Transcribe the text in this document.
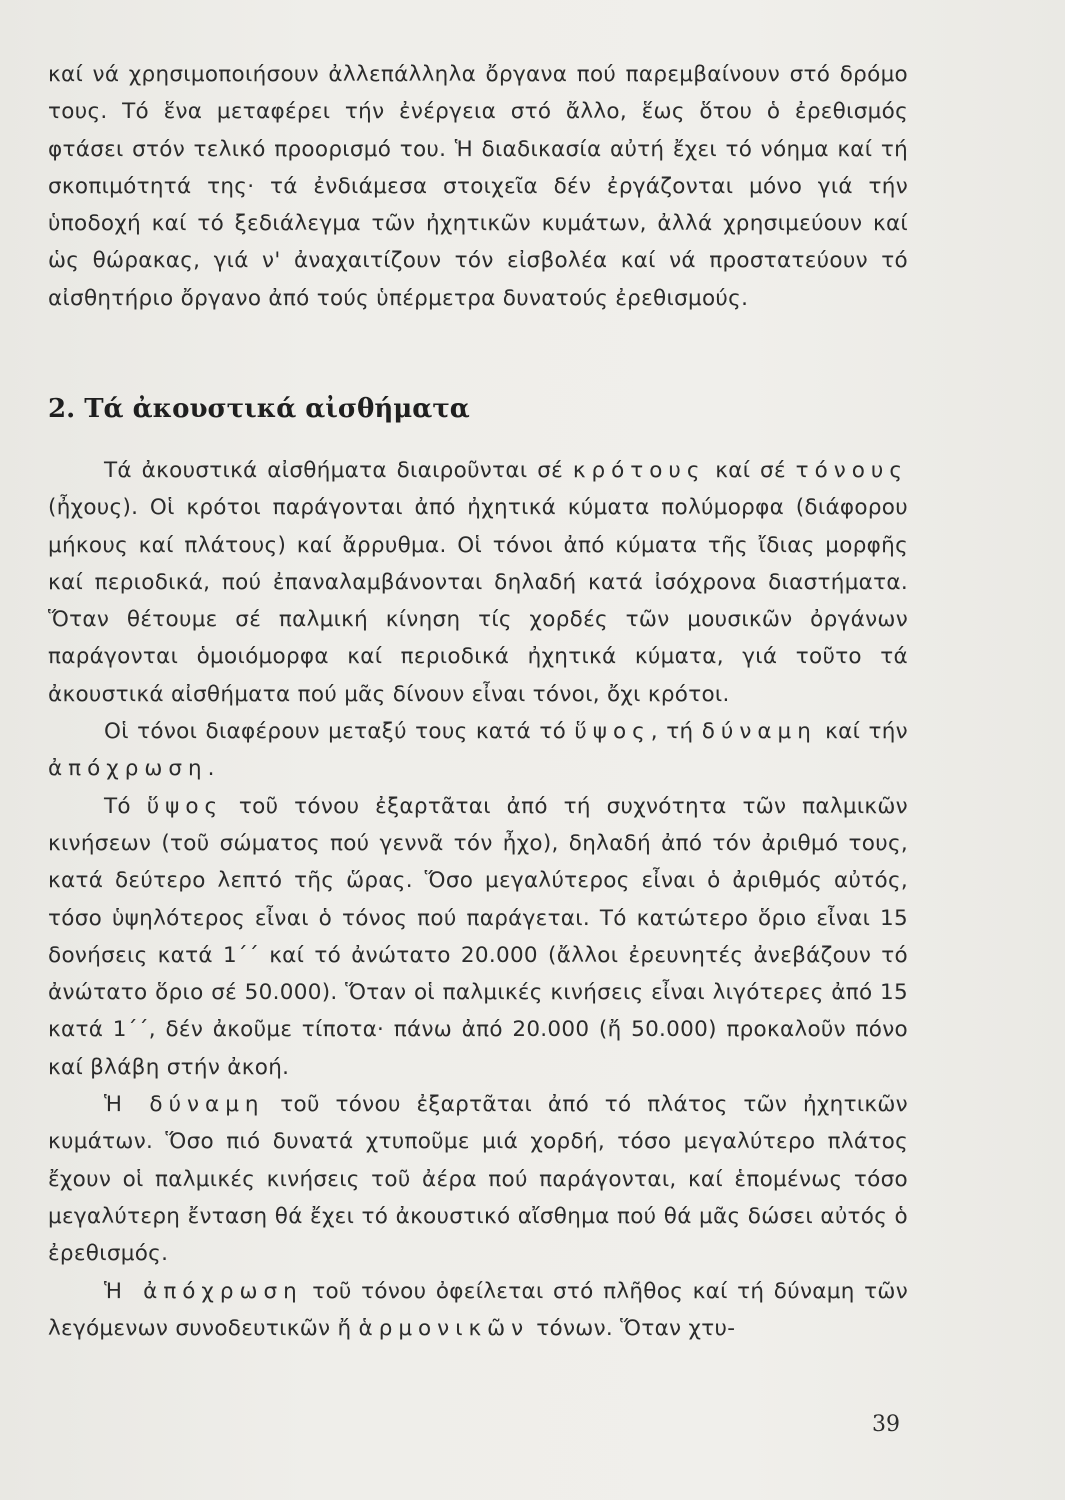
καί νά χρησιμοποιήσουν ἀλλεπάλληλα ὄργανα πού παρεμβαίνουν στό δρόμο τους. Τό ἕνα μεταφέρει τήν ἐνέργεια στό ἄλλο, ἕως ὅτου ὁ ἐρεθισμός φτάσει στόν τελικό προορισμό του. Ἡ διαδικασία αὐτή ἔχει τό νόημα καί τή σκοπιμότητά της· τά ἐνδιάμεσα στοιχεῖα δέν ἐργάζονται μόνο γιά τήν ὑποδοχή καί τό ξεδιάλεγμα τῶν ἠχητικῶν κυμάτων, ἀλλά χρησιμεύουν καί ὡς θώρακας, γιά ν' ἀναχαιτίζουν τόν εἰσβολέα καί νά προστατεύουν τό αἰσθητήριο ὄργανο ἀπό τούς ὑπέρμετρα δυνατούς ἐρεθισμούς.

2. Τά ἀκουστικά αἰσθήματα

Τά ἀκουστικά αἰσθήματα διαιροῦνται σέ κρότους καί σέ τόνους (ἦχους). Οἱ κρότοι παράγονται ἀπό ἠχητικά κύματα πολύμορφα (διάφορου μήκους καί πλάτους) καί ἄρρυθμα. Οἱ τόνοι ἀπό κύματα τῆς ἴδιας μορφῆς καί περιοδικά, πού ἐπαναλαμβάνονται δηλαδή κατά ἰσόχρονα διαστήματα. Ὅταν θέτουμε σέ παλμική κίνηση τίς χορδές τῶν μουσικῶν ὀργάνων παράγονται ὁμοιόμορφα καί περιοδικά ἠχητικά κύματα, γιά τοῦτο τά ἀκουστικά αἰσθήματα πού μᾶς δίνουν εἶναι τόνοι, ὄχι κρότοι.

Οἱ τόνοι διαφέρουν μεταξύ τους κατά τό ὕψος, τή δύναμη καί τήν ἀπόχρωση.

Τό ὕψος τοῦ τόνου ἐξαρτᾶται ἀπό τή συχνότητα τῶν παλμικῶν κινήσεων (τοῦ σώματος πού γεννᾶ τόν ἦχο), δηλαδή ἀπό τόν ἀριθμό τους, κατά δεύτερο λεπτό τῆς ὥρας. Ὅσο μεγαλύτερος εἶναι ὁ ἀριθμός αὐτός, τόσο ὑψηλότερος εἶναι ὁ τόνος πού παράγεται. Τό κατώτερο ὅριο εἶναι 15 δονήσεις κατά 1΄΄ καί τό ἀνώτατο 20.000 (ἄλλοι ἐρευνητές ἀνεβάζουν τό ἀνώτατο ὅριο σέ 50.000). Ὅταν οἱ παλμικές κινήσεις εἶναι λιγότερες ἀπό 15 κατά 1΄΄, δέν ἀκοῦμε τίποτα· πάνω ἀπό 20.000 (ἤ 50.000) προκαλοῦν πόνο καί βλάβη στήν ἀκοή.

Ἡ δύναμη τοῦ τόνου ἐξαρτᾶται ἀπό τό πλάτος τῶν ἠχητικῶν κυμάτων. Ὅσο πιό δυνατά χτυποῦμε μιά χορδή, τόσο μεγαλύτερο πλάτος ἔχουν οἱ παλμικές κινήσεις τοῦ ἀέρα πού παράγονται, καί ἑπομένως τόσο μεγαλύτερη ἔνταση θά ἔχει τό ἀκουστικό αἴσθημα πού θά μᾶς δώσει αὐτός ὁ ἐρεθισμός.

Ἡ ἀπόχρωση τοῦ τόνου ὀφείλεται στό πλῆθος καί τή δύναμη τῶν λεγόμενων συνοδευτικῶν ἤ ἁρμονικῶν τόνων. Ὅταν χτυ-

39
